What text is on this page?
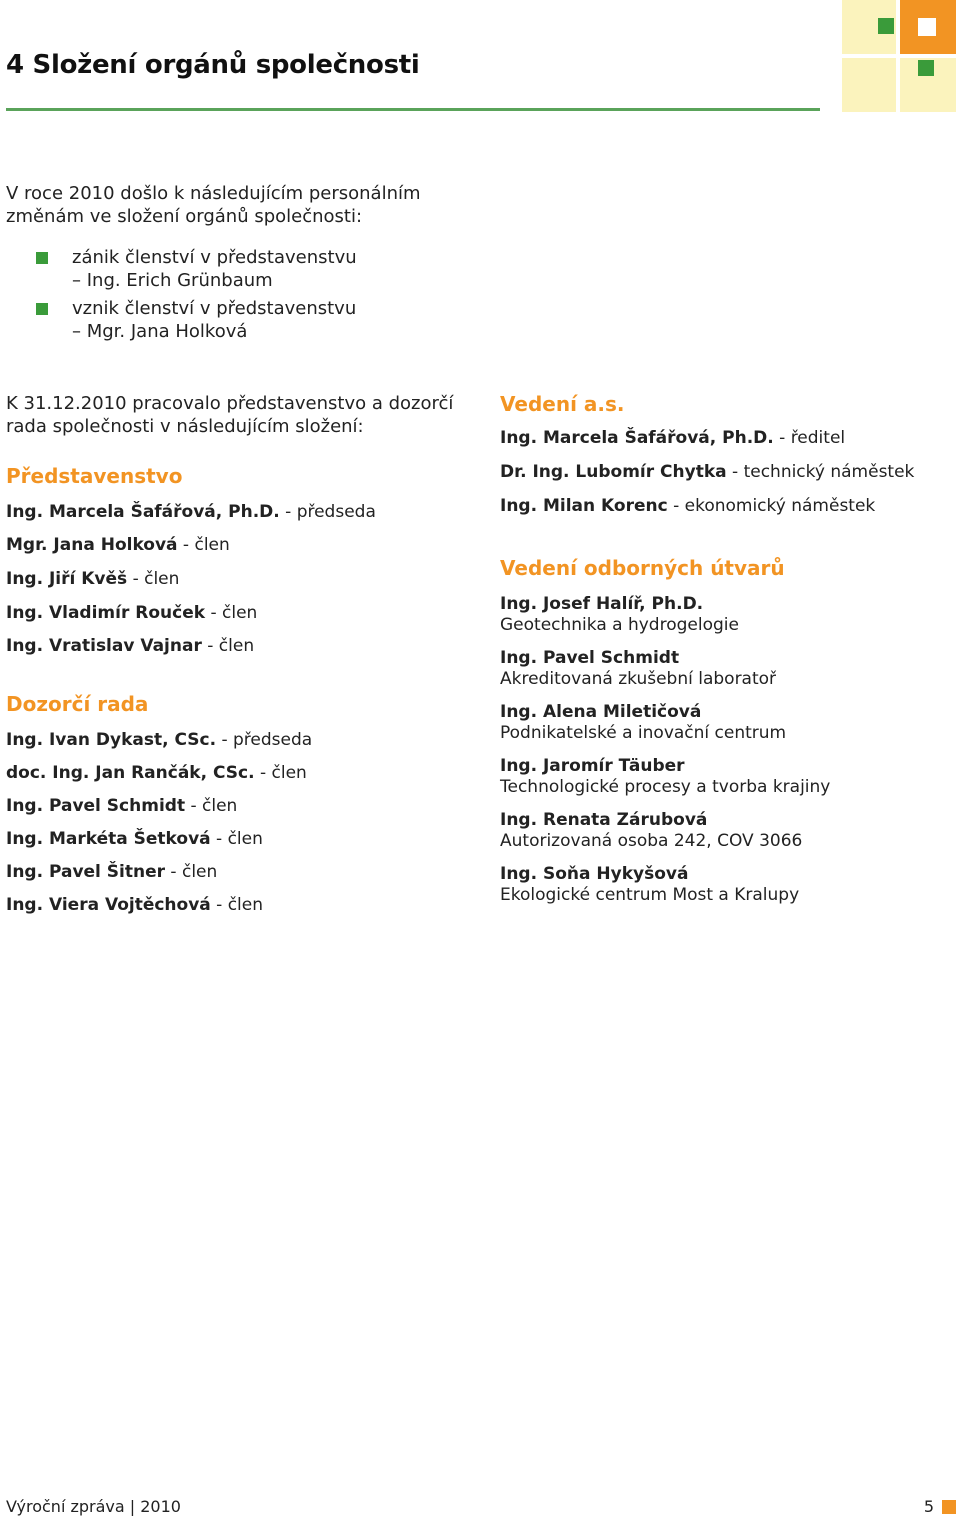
4 Složení orgánů společnosti

V roce 2010 došlo k následujícím personálním změnám ve složení orgánů společnosti:

zánik členství v představenstvu
– Ing. Erich Grünbaum
vznik členství v představenstvu
– Mgr. Jana Holková

K 31.12.2010 pracovalo představenstvo a dozorčí rada společnosti v následujícím složení:

Představenstvo

Ing. Marcela Šafářová, Ph.D. - předseda

Mgr. Jana Holková - člen

Ing. Jiří Kvěš - člen

Ing. Vladimír Rouček - člen

Ing. Vratislav Vajnar - člen

Dozorčí rada

Ing. Ivan Dykast, CSc. - předseda

doc. Ing. Jan Rančák, CSc. - člen

Ing. Pavel Schmidt - člen

Ing. Markéta Šetková - člen

Ing. Pavel Šitner - člen

Ing. Viera Vojtěchová - člen

Vedení a.s.

Ing. Marcela Šafářová, Ph.D. - ředitel

Dr. Ing. Lubomír Chytka - technický náměstek

Ing. Milan Korenc - ekonomický náměstek

Vedení odborných útvarů

Ing. Josef Halíř, Ph.D.

Geotechnika a hydrogelogie

Ing. Pavel Schmidt

Akreditovaná zkušební laboratoř

Ing. Alena Miletičová

Podnikatelské a inovační centrum

Ing. Jaromír Täuber

Technologické procesy a tvorba krajiny

Ing. Renata Zárubová

Autorizovaná osoba 242, COV 3066

Ing. Soňa Hykyšová

Ekologické centrum Most a Kralupy

Výroční zpráva | 2010	5
